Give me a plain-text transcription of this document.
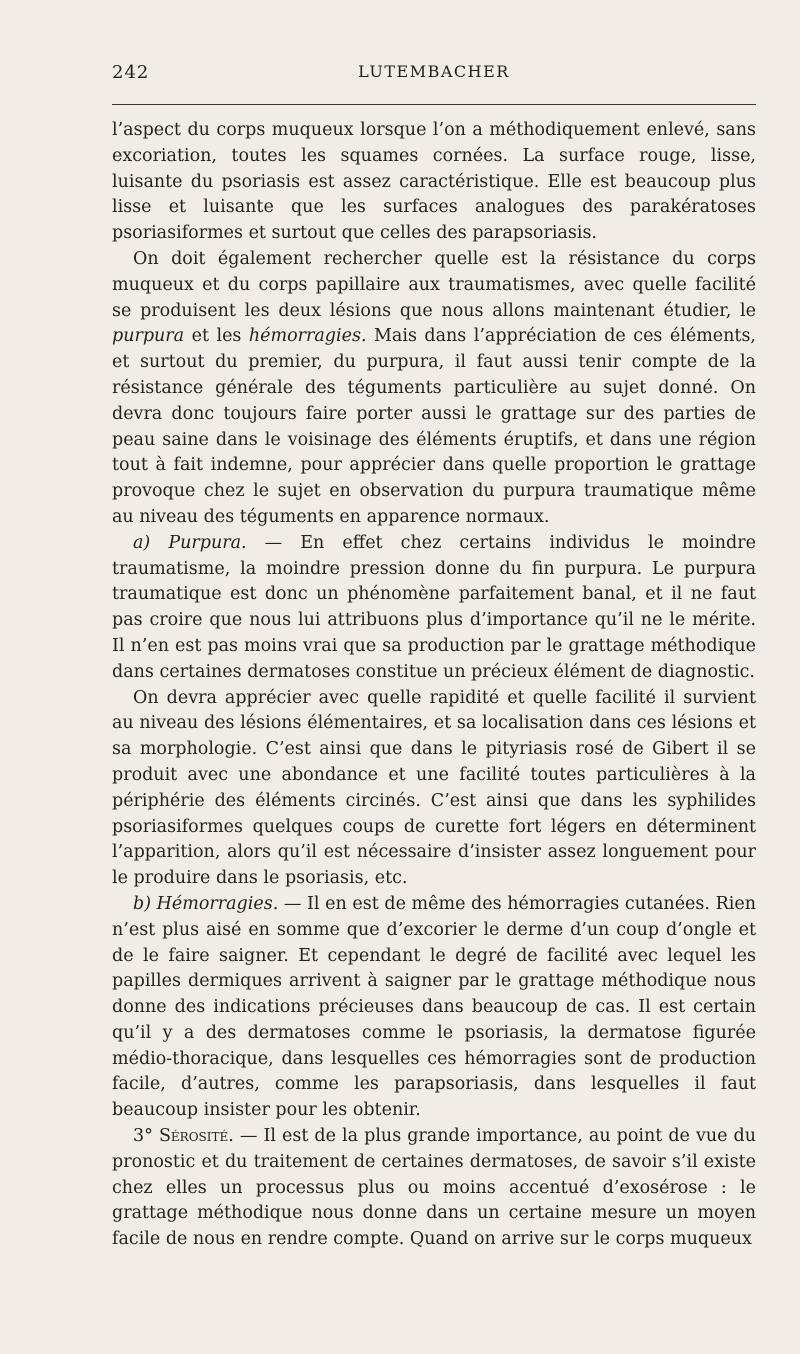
242	LUTEMBACHER

l’aspect du corps muqueux lorsque l’on a méthodiquement enlevé, sans excoriation, toutes les squames cornées. La surface rouge, lisse, luisante du psoriasis est assez caractéristique. Elle est beaucoup plus lisse et luisante que les surfaces analogues des parakératoses psoriasiformes et surtout que celles des parapsoriasis.

On doit également rechercher quelle est la résistance du corps muqueux et du corps papillaire aux traumatismes, avec quelle facilité se produisent les deux lésions que nous allons maintenant étudier, le purpura et les hémorragies. Mais dans l’appréciation de ces éléments, et surtout du premier, du purpura, il faut aussi tenir compte de la résistance générale des téguments particulière au sujet donné. On devra donc toujours faire porter aussi le grattage sur des parties de peau saine dans le voisinage des éléments éruptifs, et dans une région tout à fait indemne, pour apprécier dans quelle proportion le grattage provoque chez le sujet en observation du purpura traumatique même au niveau des téguments en apparence normaux.

a) Purpura. — En effet chez certains individus le moindre traumatisme, la moindre pression donne du fin purpura. Le purpura traumatique est donc un phénomène parfaitement banal, et il ne faut pas croire que nous lui attribuons plus d’importance qu’il ne le mérite. Il n’en est pas moins vrai que sa production par le grattage méthodique dans certaines dermatoses constitue un précieux élément de diagnostic.

On devra apprécier avec quelle rapidité et quelle facilité il survient au niveau des lésions élémentaires, et sa localisation dans ces lésions et sa morphologie. C’est ainsi que dans le pityriasis rosé de Gibert il se produit avec une abondance et une facilité toutes particulières à la périphérie des éléments circinés. C’est ainsi que dans les syphilides psoriasiformes quelques coups de curette fort légers en déterminent l’apparition, alors qu’il est nécessaire d’insister assez longuement pour le produire dans le psoriasis, etc.

b) Hémorragies. — Il en est de même des hémorragies cutanées. Rien n’est plus aisé en somme que d’excorier le derme d’un coup d’ongle et de le faire saigner. Et cependant le degré de facilité avec lequel les papilles dermiques arrivent à saigner par le grattage méthodique nous donne des indications précieuses dans beaucoup de cas. Il est certain qu’il y a des dermatoses comme le psoriasis, la dermatose figurée médio-thoracique, dans lesquelles ces hémorragies sont de production facile, d’autres, comme les parapsoriasis, dans lesquelles il faut beaucoup insister pour les obtenir.

3° Sérosité. — Il est de la plus grande importance, au point de vue du pronostic et du traitement de certaines dermatoses, de savoir s’il existe chez elles un processus plus ou moins accentué d’exosérose : le grattage méthodique nous donne dans un certaine mesure un moyen facile de nous en rendre compte. Quand on arrive sur le corps muqueux
